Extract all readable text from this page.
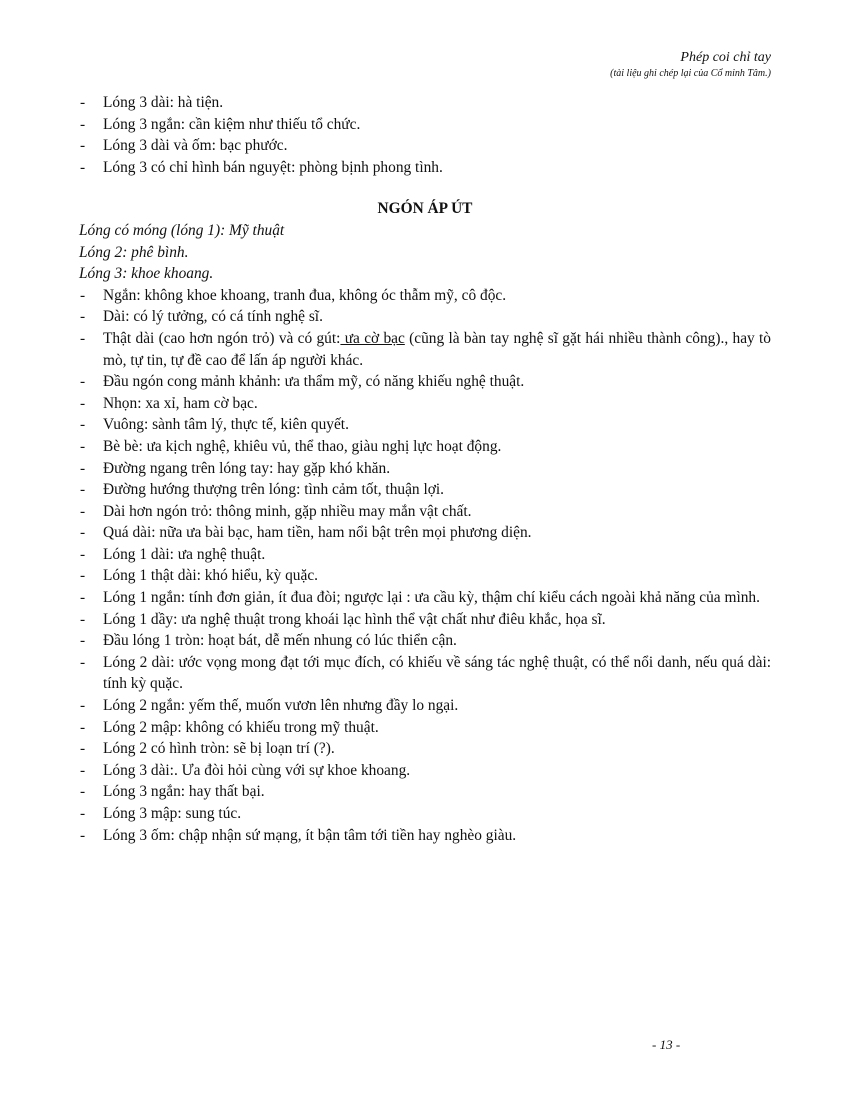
Phép coi chỉ tay
(tài liệu ghi chép lại của Cổ minh Tâm.)
- Lóng 3 dài: hà tiện.
- Lóng 3 ngắn: cần kiệm như thiếu tổ chức.
- Lóng 3 dài và ốm: bạc phước.
- Lóng 3 có chỉ hình bán nguyệt: phòng bịnh phong tình.
NGÓN ÁP ÚT
Lóng có móng (lóng 1): Mỹ thuật
Lóng 2: phê bình.
Lóng 3: khoe khoang.
- Ngắn: không khoe khoang, tranh đua, không óc thẫm mỹ, cô độc.
- Dài: có lý tưởng, có cá tính nghệ sĩ.
- Thật dài (cao hơn ngón trỏ) và có gút: ưa cờ bạc (cũng là bàn tay nghệ sĩ gặt hái nhiều thành công)., hay tò mò, tự tin, tự đề cao để lấn áp người khác.
- Đầu ngón cong mảnh khảnh: ưa thẩm mỹ, có năng khiếu nghệ thuật.
- Nhọn: xa xỉ, ham cờ bạc.
- Vuông: sành tâm lý, thực tế, kiên quyết.
- Bè bè: ưa kịch nghệ, khiêu vủ, thể thao, giàu nghị lực hoạt động.
- Đường ngang trên lóng tay: hay gặp khó khăn.
- Đường hướng thượng trên lóng: tình cảm tốt, thuận lợi.
- Dài hơn ngón trỏ: thông minh, gặp nhiều may mắn vật chất.
- Quá dài: nữa ưa bài bạc, ham tiền, ham nổi bật trên mọi phương diện.
- Lóng 1 dài: ưa nghệ thuật.
- Lóng 1 thật dài: khó hiểu, kỳ quặc.
- Lóng 1 ngắn: tính đơn giản, ít đua đòi; ngược lại : ưa cầu kỳ, thậm chí kiểu cách ngoài khả năng của mình.
- Lóng 1 dầy: ưa nghệ thuật trong khoái lạc hình thể vật chất như điêu khắc, họa sĩ.
- Đầu lóng 1 tròn: hoạt bát, dễ mến nhung có lúc thiển cận.
- Lóng 2 dài: ước vọng mong đạt tới mục đích, có khiếu về sáng tác nghệ thuật, có thể nổi danh, nếu quá dài: tính kỳ quặc.
- Lóng 2 ngắn: yếm thế, muốn vươn lên nhưng đầy lo ngại.
- Lóng 2 mập: không có khiếu trong mỹ thuật.
- Lóng 2 có hình tròn: sẽ bị loạn trí (?).
- Lóng 3 dài:. Ưa đòi hỏi cùng với sự khoe khoang.
- Lóng 3 ngắn: hay thất bại.
- Lóng 3 mập: sung túc.
- Lóng 3 ốm: chập nhận sứ mạng, ít bận tâm tới tiền hay nghèo giàu.
- 13 -
